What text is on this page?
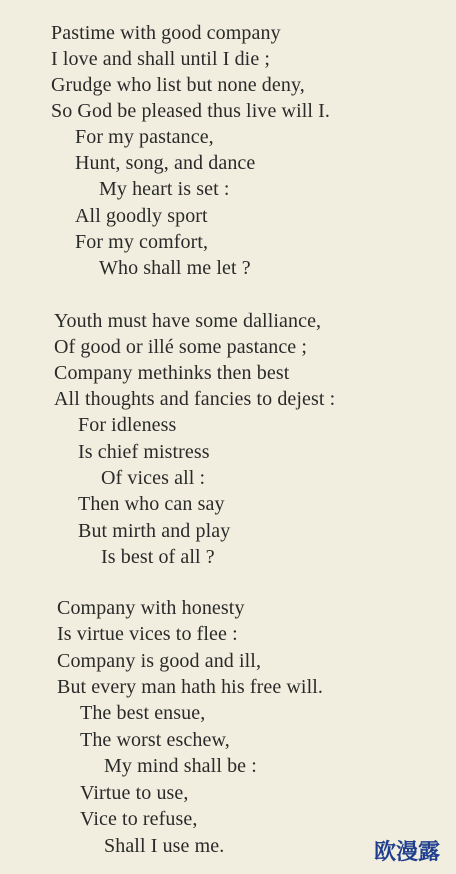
Pastime with good company
I love and shall until I die ;
Grudge who list but none deny,
So God be pleased thus live will I.
For my pastance,
Hunt, song, and dance
My heart is set :
All goodly sport
For my comfort,
Who shall me let ?
Youth must have some dalliance,
Of good or illé some pastance ;
Company methinks then best
All thoughts and fancies to dejest :
For idleness
Is chief mistress
Of vices all :
Then who can say
But mirth and play
Is best of all ?
Company with honesty
Is virtue vices to flee :
Company is good and ill,
But every man hath his free will.
The best ensue,
The worst eschew,
My mind shall be :
Virtue to use,
Vice to refuse,
Shall I use me.	欧漫露
